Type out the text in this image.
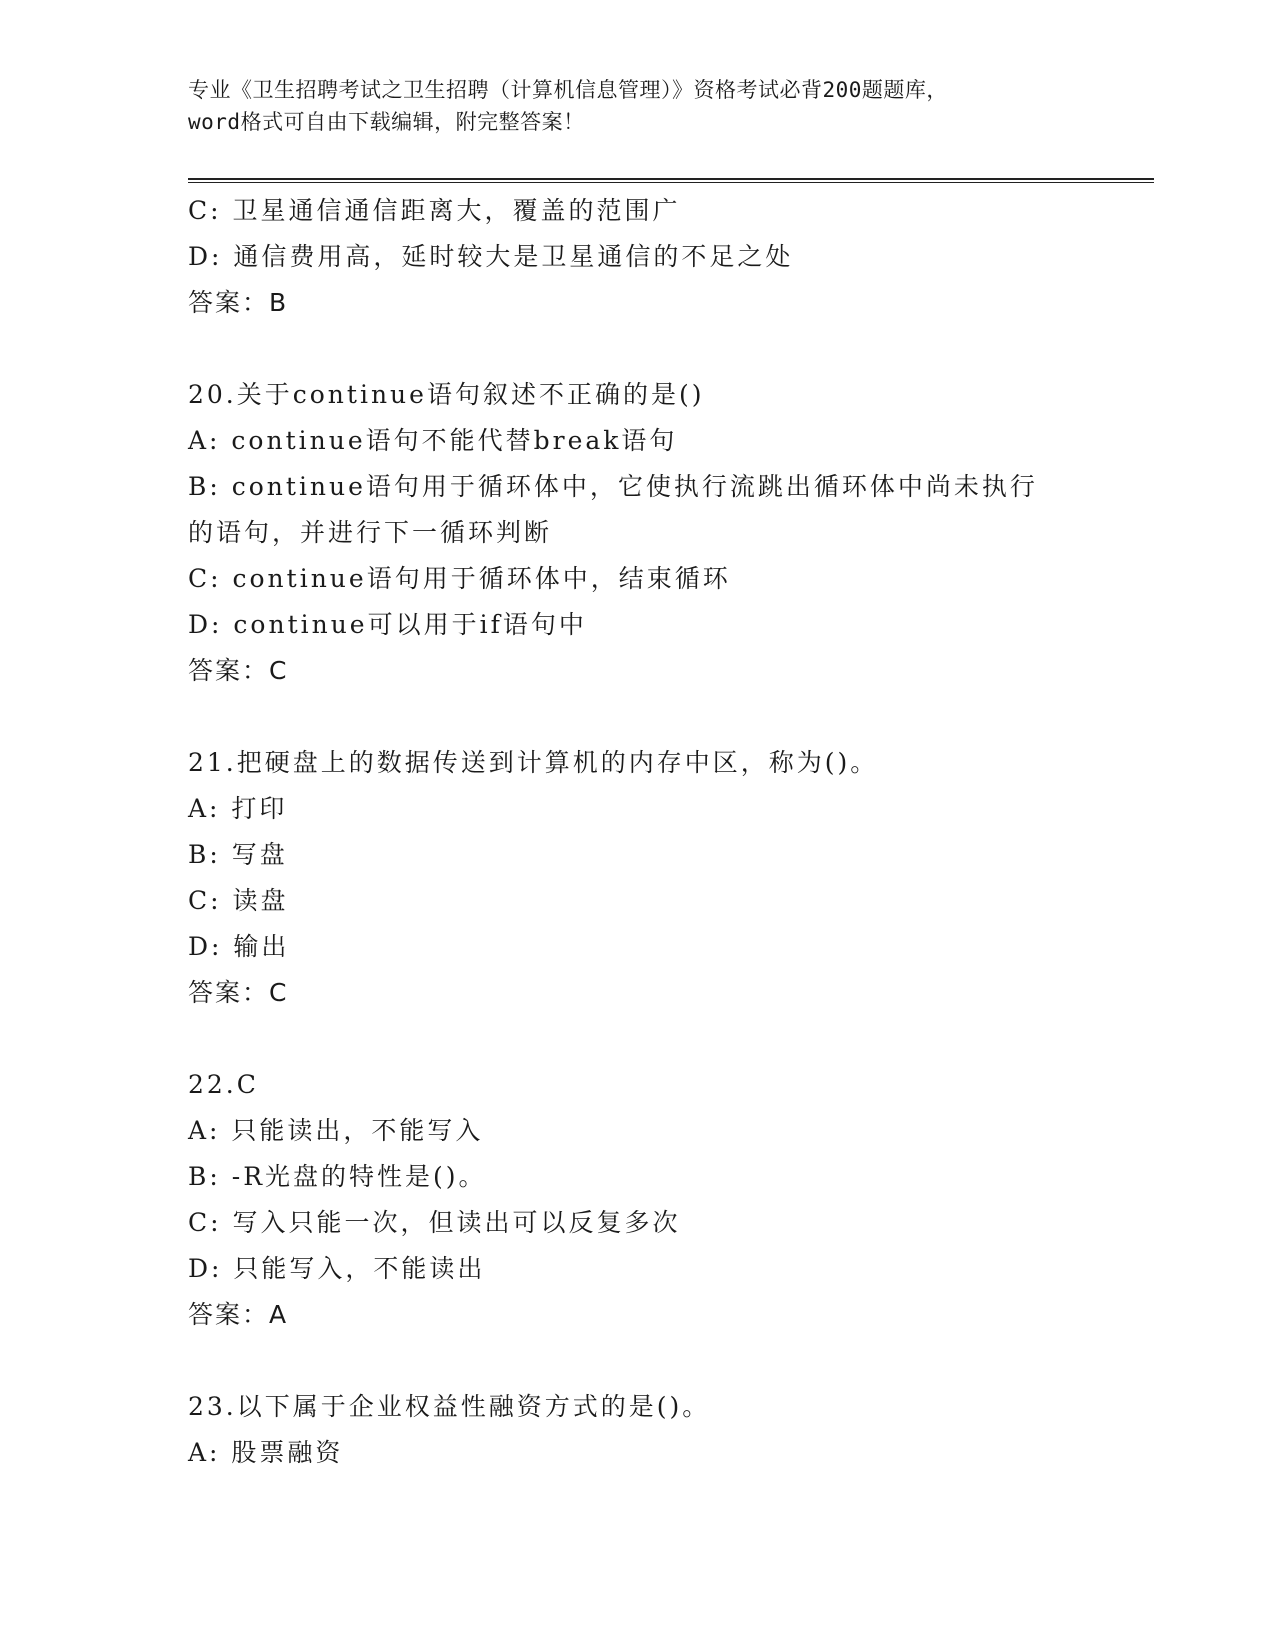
专业《卫生招聘考试之卫生招聘（计算机信息管理）》资格考试必背200题题库，
word格式可自由下载编辑，附完整答案！
C: 卫星通信通信距离大，覆盖的范围广
D: 通信费用高，延时较大是卫星通信的不足之处
答案：B
20.关于continue语句叙述不正确的是()
A: continue语句不能代替break语句
B: continue语句用于循环体中，它使执行流跳出循环体中尚未执行的语句，并进行下一循环判断
C: continue语句用于循环体中，结束循环
D: continue可以用于if语句中
答案：C
21.把硬盘上的数据传送到计算机的内存中区，称为()。
A: 打印
B: 写盘
C: 读盘
D: 输出
答案：C
22.C
A: 只能读出，不能写入
B: -R光盘的特性是()。
C: 写入只能一次，但读出可以反复多次
D: 只能写入，不能读出
答案：A
23.以下属于企业权益性融资方式的是()。
A: 股票融资
